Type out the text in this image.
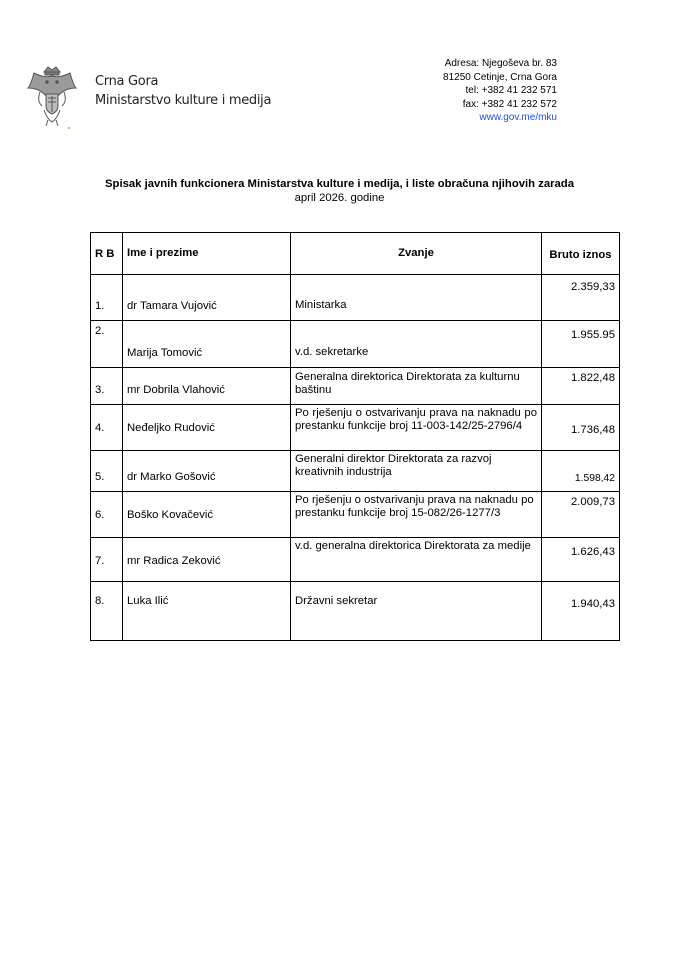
Crna Gora
Ministarstvo kulture i medija
Adresa: Njegoševa br. 83
81250 Cetinje, Crna Gora
tel: +382 41 232 571
fax: +382 41 232 572
www.gov.me/mku
Spisak javnih funkcionera Ministarstva kulture i medija, i liste obračuna njihovih zarada
april 2026. godine
R B	Ime i prezime	Zvanje	Bruto iznos
1.	dr Tamara Vujović	Ministarka	2.359,33
2.	Marija Tomović	v.d. sekretarke	1.955.95
3.	mr Dobrila Vlahović	Generalna direktorica Direktorata za kulturnu baštinu	1.822,48
4.	Neđeljko Rudović	Po rješenju o ostvarivanju prava na naknadu po prestanku funkcije broj 11-003-142/25-2796/4	1.736,48
5.	dr Marko Gošović	Generalni direktor Direktorata za razvoj kreativnih industrija	1.598,42
6.	Boško Kovačević	Po rješenju o ostvarivanju prava na naknadu po prestanku funkcije broj 15-082/26-1277/3	2.009,73
7.	mr Radica Zeković	v.d. generalna direktorica Direktorata za medije	1.626,43
8.	Luka Ilić	Državni sekretar	1.940,43
